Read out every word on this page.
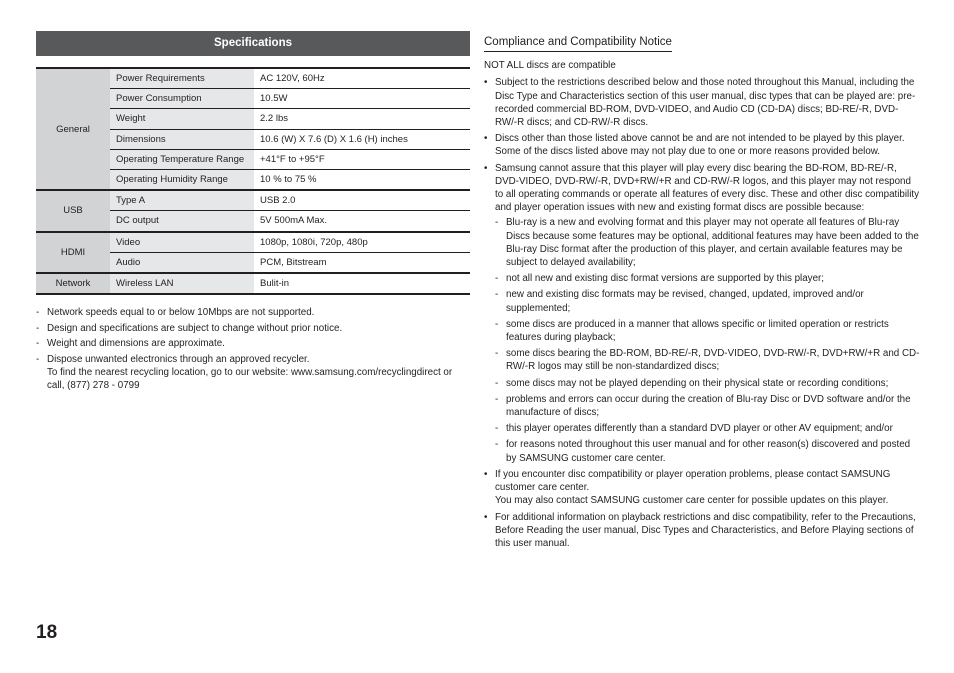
Specifications
General	Power Requirements	AC 120V, 60Hz
	Power Consumption	10.5W
	Weight	2.2 lbs
	Dimensions	10.6 (W) X 7.6 (D) X 1.6 (H) inches
	Operating Temperature Range	+41°F to +95°F
	Operating Humidity Range	10 % to 75 %
USB	Type A	USB 2.0
	DC output	5V 500mA Max.
HDMI	Video	1080p, 1080i, 720p, 480p
	Audio	PCM, Bitstream
Network	Wireless LAN	Bulit-in
- Network speeds equal to or below 10Mbps are not supported.
- Design and specifications are subject to change without prior notice.
- Weight and dimensions are approximate.
- Dispose unwanted electronics through an approved recycler.
To find the nearest recycling location, go to our website: www.samsung.com/recyclingdirect or call, (877) 278 - 0799
Compliance and Compatibility Notice

NOT ALL discs are compatible

• Subject to the restrictions described below and those noted throughout this Manual, including the Disc Type and Characteristics section of this user manual, disc types that can be played are: pre-recorded commercial BD-ROM, DVD-VIDEO, and Audio CD (CD-DA) discs; BD-RE/-R, DVD-RW/-R discs; and CD-RW/-R discs.
• Discs other than those listed above cannot be and are not intended to be played by this player. Some of the discs listed above may not play due to one or more reasons provided below.
• Samsung cannot assure that this player will play every disc bearing the BD-ROM, BD-RE/-R, DVD-VIDEO, DVD-RW/-R, DVD+RW/+R and CD-RW/-R logos, and this player may not respond to all operating commands or operate all features of every disc. These and other disc compatibility and player operation issues with new and existing format discs are possible because:
- Blu-ray is a new and evolving format and this player may not operate all features of Blu-ray Discs because some features may be optional, additional features may have been added to the Blu-ray Disc format after the production of this player, and certain available features may be subject to delayed availability;
- not all new and existing disc format versions are supported by this player;
- new and existing disc formats may be revised, changed, updated, improved and/or supplemented;
- some discs are produced in a manner that allows specific or limited operation or restricts features during playback;
- some discs bearing the BD-ROM, BD-RE/-R, DVD-VIDEO, DVD-RW/-R, DVD+RW/+R and CD-RW/-R logos may still be non-standardized discs;
- some discs may not be played depending on their physical state or recording conditions;
- problems and errors can occur during the creation of Blu-ray Disc or DVD software and/or the manufacture of discs;
- this player operates differently than a standard DVD player or other AV equipment; and/or
- for reasons noted throughout this user manual and for other reason(s) discovered and posted by SAMSUNG customer care center.
• If you encounter disc compatibility or player operation problems, please contact SAMSUNG customer care center.
You may also contact SAMSUNG customer care center for possible updates on this player.
• For additional information on playback restrictions and disc compatibility, refer to the Precautions, Before Reading the user manual, Disc Types and Characteristics, and Before Playing sections of this user manual.
18
